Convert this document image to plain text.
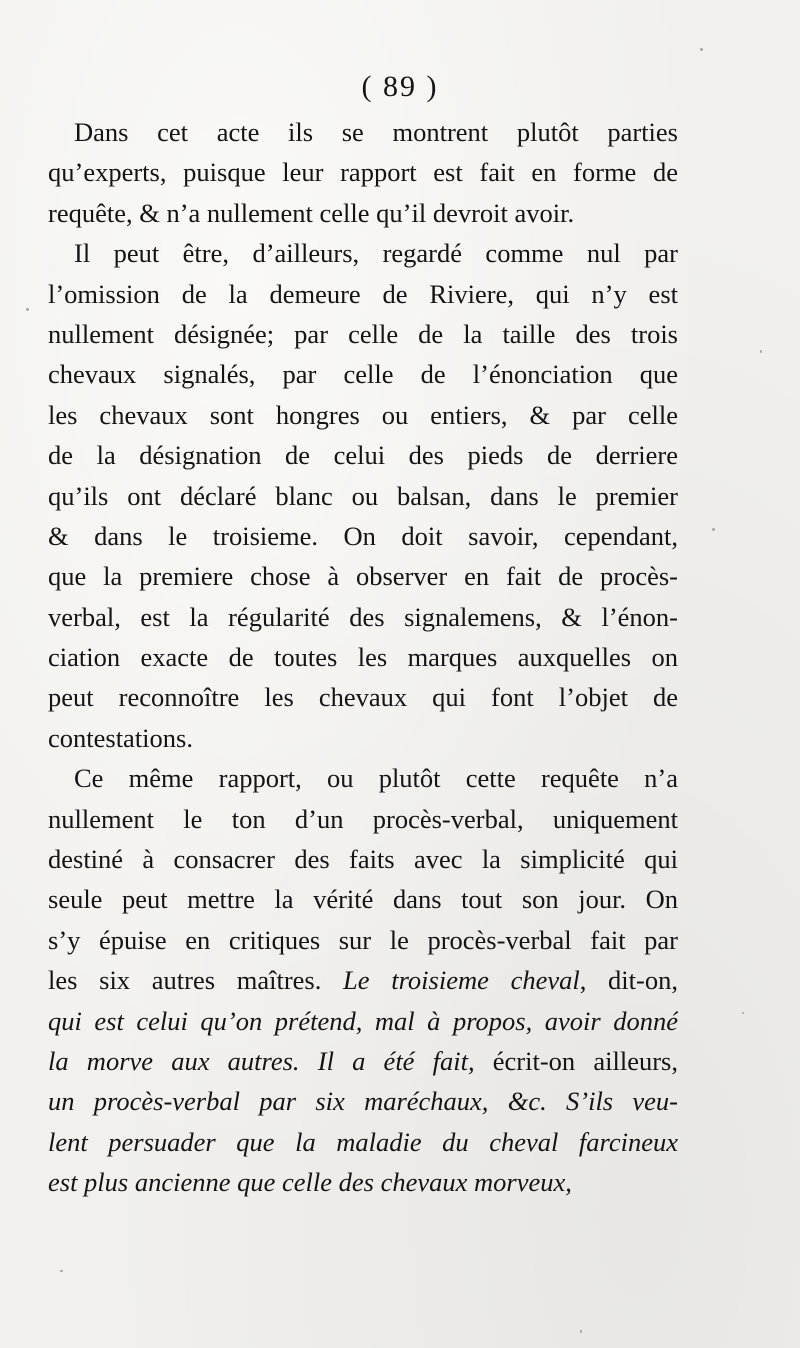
( 89 )
Dans cet acte ils se montrent plutôt parties
qu’experts, puisque leur rapport est fait en forme de
requête, & n’a nullement celle qu’il devroit avoir.
Il peut être, d’ailleurs, regardé comme nul par
l’omission de la demeure de Riviere, qui n’y est
nullement désignée; par celle de la taille des trois
chevaux signalés, par celle de l’énonciation que
les chevaux sont hongres ou entiers, & par celle
de la désignation de celui des pieds de derriere
qu’ils ont déclaré blanc ou balsan, dans le premier
& dans le troisieme. On doit savoir, cependant,
que la premiere chose à observer en fait de procès-
verbal, est la régularité des signalemens, & l’énon-
ciation exacte de toutes les marques auxquelles on
peut reconnoître les chevaux qui font l’objet de
contestations.
Ce même rapport, ou plutôt cette requête n’a
nullement le ton d’un procès-verbal, uniquement
destiné à consacrer des faits avec la simplicité qui
seule peut mettre la vérité dans tout son jour. On
s’y épuise en critiques sur le procès-verbal fait par
les six autres maîtres. Le troisieme cheval, dit-on,
qui est celui qu’on prétend, mal à propos, avoir donné
la morve aux autres. Il a été fait, écrit-on ailleurs,
un procès-verbal par six maréchaux, &c. S’ils veu-
lent persuader que la maladie du cheval farcineux
est plus ancienne que celle des chevaux morveux,
